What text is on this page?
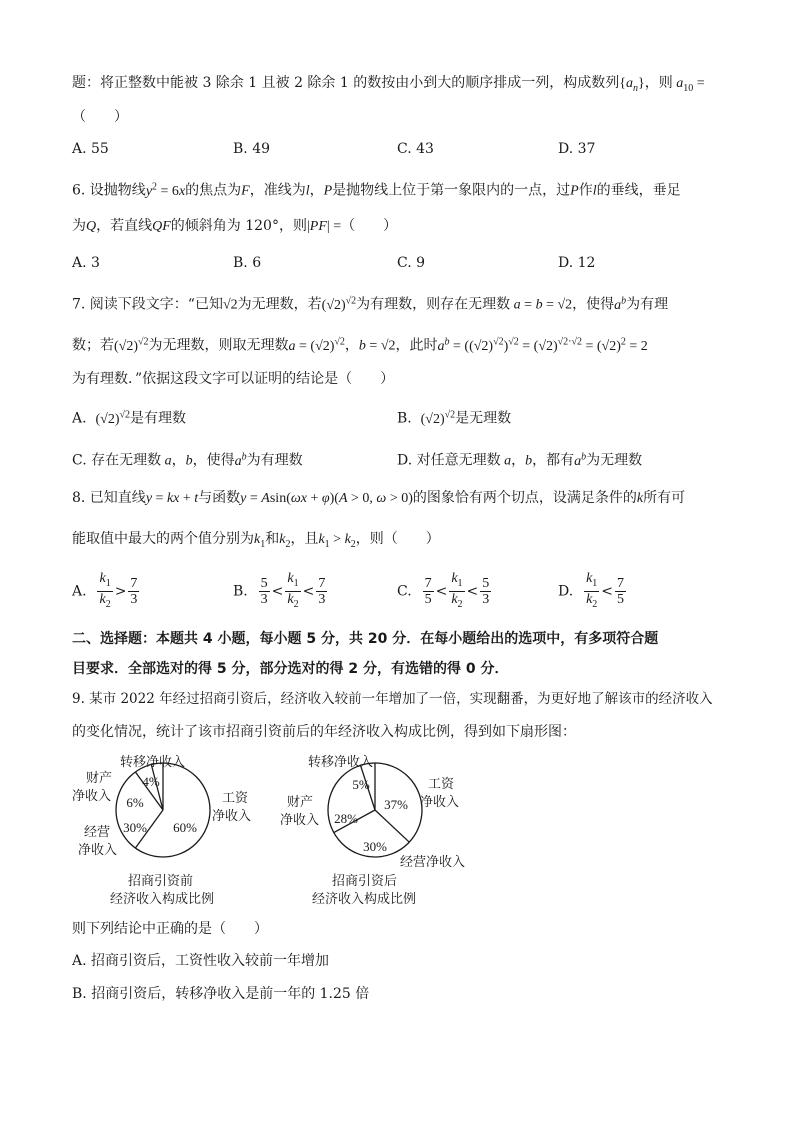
题：将正整数中能被 3 除余 1 且被 2 除余 1 的数按由小到大的顺序排成一列，构成数列$\{a_n\}$，则 $a_{10}$ =
（　　）
A. 55	B. 49	C. 43	D. 37
6. 设抛物线$y^2 = 6x$的焦点为F，准线为l，P是抛物线上位于第一象限内的一点，过P作l的垂线，垂足
为Q，若直线QF的倾斜角为 120°，则|PF| =（　　）
A. 3	B. 6	C. 9	D. 12
7. 阅读下段文字：“已知√2为无理数，若$(√2)^{√2}$为有理数，则存在无理数 a = b = √2，使得$a^b$为有理
数；若$(√2)^{√2}$为无理数，则取无理数$a = (√2)^{√2}$，b = √2，此时$a^b = ((√2)^{√2})^{√2} = (√2)^{√2\cdot√2} = (√2)^2 = 2$
为有理数．”依据这段文字可以证明的结论是（　　）
A.  $(√2)^{√2}$是有理数	B.  $(√2)^{√2}$是无理数
C. 存在无理数 a，b，使得$a^b$为有理数	D. 对任意无理数 a，b，都有$a^b$为无理数
8. 已知直线y = kx + t与函数y = Asin(ωx + φ)(A > 0, ω > 0)的图象恰有两个切点，设满足条件的k所有可
能取值中最大的两个值分别为$k_1$和$k_2$，且$k_1 > k_2$，则（　　）
A. $\frac{k_1}{k_2} > \frac{7}{3}$	B. $\frac{5}{3} < \frac{k_1}{k_2} < \frac{7}{3}$	C. $\frac{7}{5} < \frac{k_1}{k_2} < \frac{5}{3}$	D. $\frac{k_1}{k_2} < \frac{7}{5}$
二、选择题：本题共 4 小题，每小题 5 分，共 20 分．在每小题给出的选项中，有多项符合题
目要求．全部选对的得 5 分，部分选对的得 2 分，有选错的得 0 分．
9. 某市 2022 年经过招商引资后，经济收入较前一年增加了一倍，实现翻番，为更好地了解该市的经济收入
的变化情况，统计了该市招商引资前后的年经济收入构成比例，得到如下扇形图：
60%
30%
6%
4%
37%
30%
28%
5%
转移净收入
财产
净收入
经营
净收入
工资
净收入
招商引资前
经济收入构成比例
转移净收入
财产
净收入
工资
净收入
经营净收入
招商引资后
经济收入构成比例
则下列结论中正确的是（　　）
A. 招商引资后，工资性收入较前一年增加
B. 招商引资后，转移净收入是前一年的 1.25 倍
